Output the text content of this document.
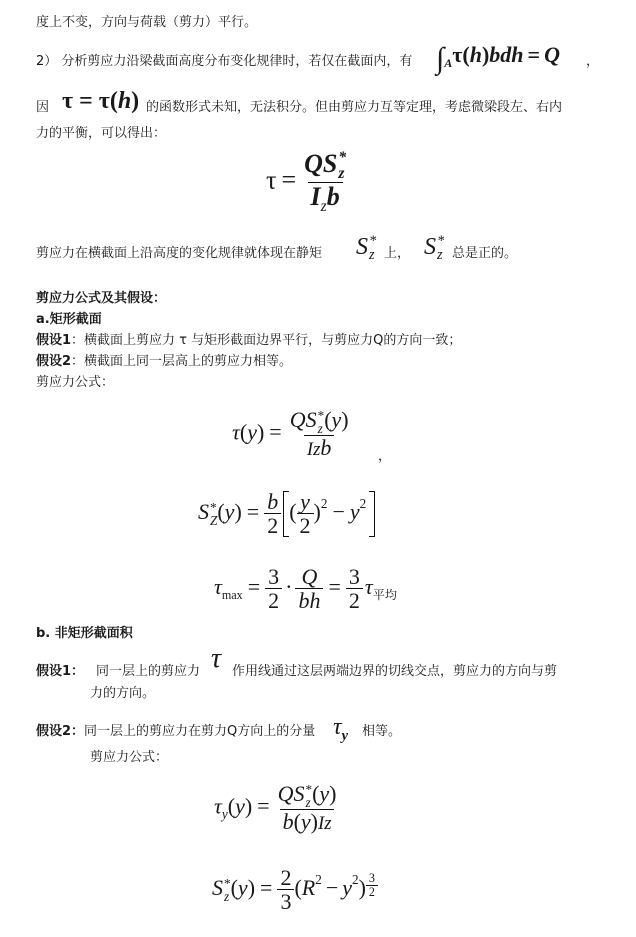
度上不变，方向与荷载（剪力）平行。
2） 分析剪应力沿梁截面高度分布变化规律时，若仅在截面内，有 $\int_A\tau(h)bdh = Q$ ，
因 τ = τ(h) 的函数形式未知，无法积分。但由剪应力互等定理，考虑微梁段左、右内
力的平衡，可以得出：
τ = QS *
z
$I_zb$
剪应力在横截面上沿高度的变化规律就体现在静矩 S *
z 上， S *
z 总是正的。
剪应力公式及其假设：
a.矩形截面
假设1：横截面上剪应力 τ 与矩形截面边界平行，与剪应力Q的方向一致；
假设2：横截面上同一层高上的剪应力相等。
剪应力公式：
τ(y) = QS *
z (y)
Izb ，
S *
Z $(y) = \frac{b}{2}$ ( $\frac{y}{2} )^2 - y^2$
$\tau_{max} = \frac{3}{2} \cdot \frac{Q}{bh} = \frac{3}{2} \tau_{平均}$
b. 非矩形截面积
假设1： 同一层上的剪应力 τ 作用线通过这层两端边界的切线交点，剪应力的方向与剪
力的方向。
假设2：同一层上的剪应力在剪力Q方向上的分量 $\tau_y$ 相等。
剪应力公式：
$\tau_y(y)$ = QS *
z (y)
b(y)Iz
S *
z $(y) = \frac{2}{3} (R^2 - y^2) \frac{3}{2}$
